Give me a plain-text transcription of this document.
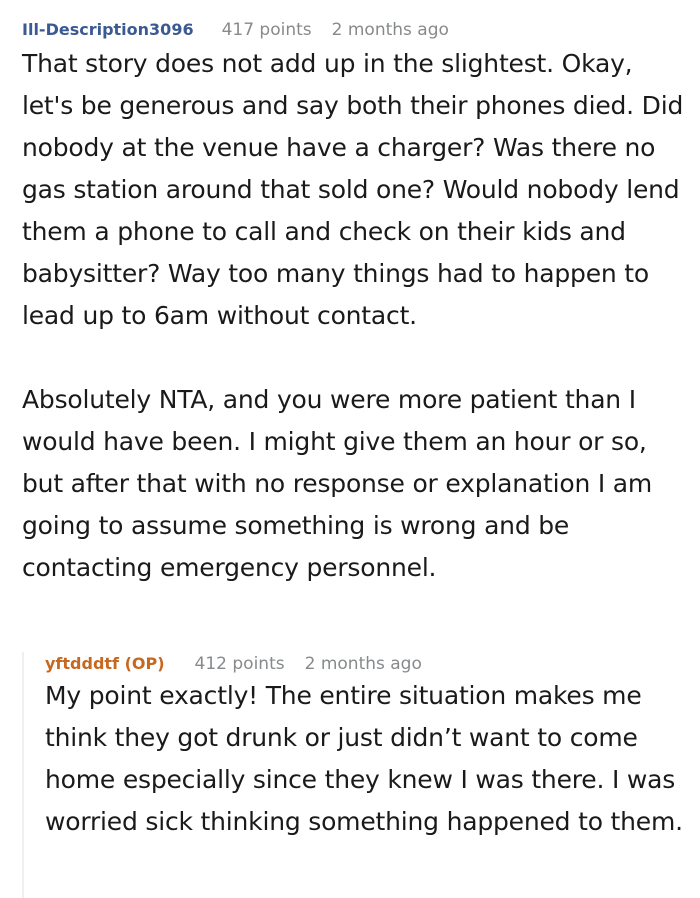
Ill-Description3096 417 points 2 months ago

That story does not add up in the slightest. Okay, let's be generous and say both their phones died. Did nobody at the venue have a charger? Was there no gas station around that sold one? Would nobody lend them a phone to call and check on their kids and babysitter? Way too many things had to happen to lead up to 6am without contact.

Absolutely NTA, and you were more patient than I would have been. I might give them an hour or so, but after that with no response or explanation I am going to assume something is wrong and be contacting emergency personnel.

yftdddtf (OP) 412 points 2 months ago

My point exactly! The entire situation makes me think they got drunk or just didn’t want to come home especially since they knew I was there. I was worried sick thinking something happened to them.
